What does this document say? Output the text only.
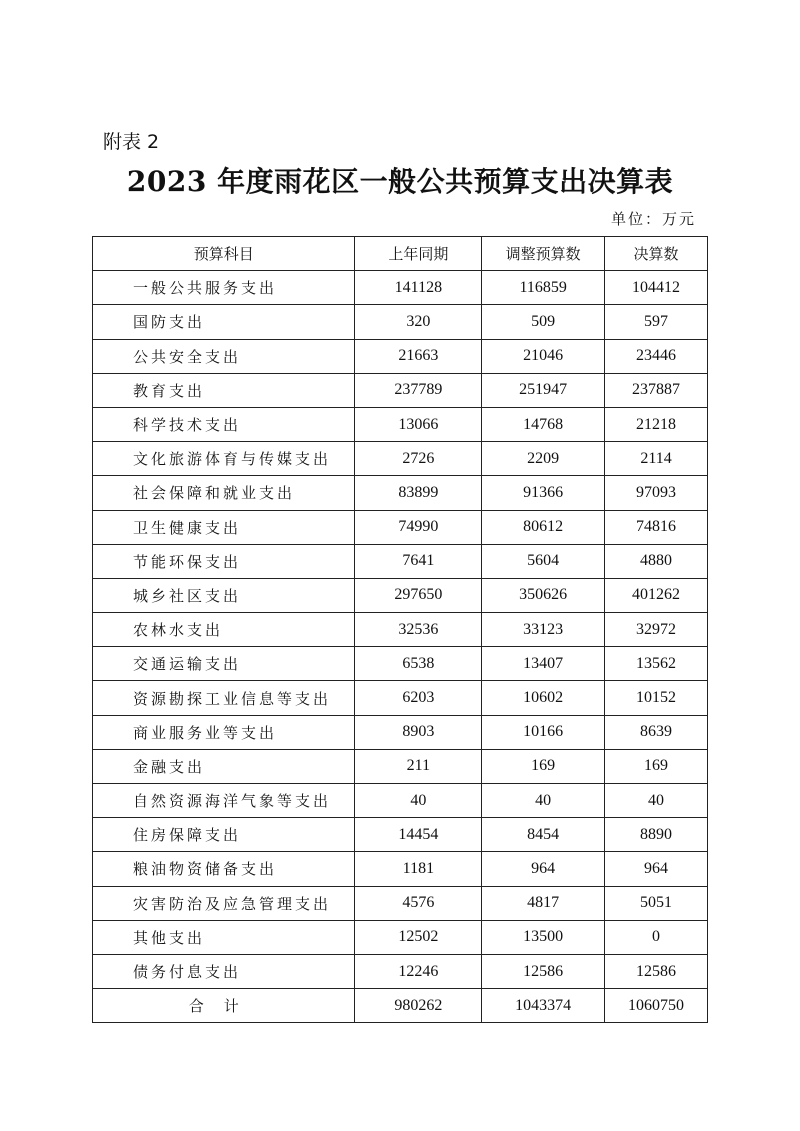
附表 2
2023 年度雨花区一般公共预算支出决算表
单位：万元
预算科目	上年同期	调整预算数	决算数
一般公共服务支出	141128	116859	104412
国防支出	320	509	597
公共安全支出	21663	21046	23446
教育支出	237789	251947	237887
科学技术支出	13066	14768	21218
文化旅游体育与传媒支出	2726	2209	2114
社会保障和就业支出	83899	91366	97093
卫生健康支出	74990	80612	74816
节能环保支出	7641	5604	4880
城乡社区支出	297650	350626	401262
农林水支出	32536	33123	32972
交通运输支出	6538	13407	13562
资源勘探工业信息等支出	6203	10602	10152
商业服务业等支出	8903	10166	8639
金融支出	211	169	169
自然资源海洋气象等支出	40	40	40
住房保障支出	14454	8454	8890
粮油物资储备支出	1181	964	964
灾害防治及应急管理支出	4576	4817	5051
其他支出	12502	13500	0
债务付息支出	12246	12586	12586
合计	980262	1043374	1060750
